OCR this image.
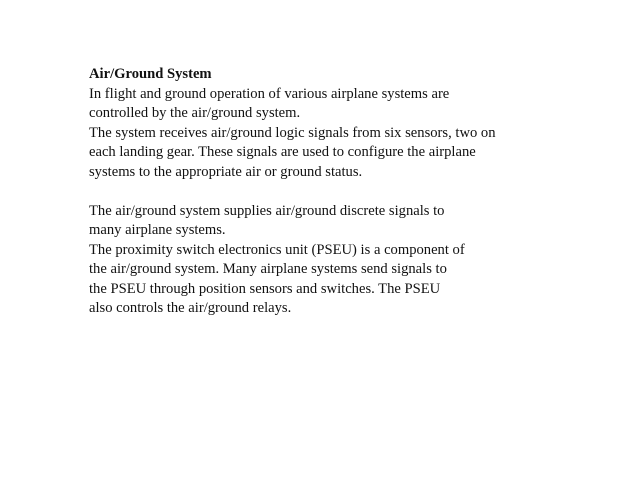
Air/Ground System
In flight and ground operation of various airplane systems are
controlled by the air/ground system.
The system receives air/ground logic signals from six sensors, two on
each landing gear. These signals are used to configure the airplane
systems to the appropriate air or ground status.
The air/ground system supplies air/ground discrete signals to
many airplane systems.
The proximity switch electronics unit (PSEU) is a component of
the air/ground system. Many airplane systems send signals to
the PSEU through position sensors and switches. The PSEU
also controls the air/ground relays.
